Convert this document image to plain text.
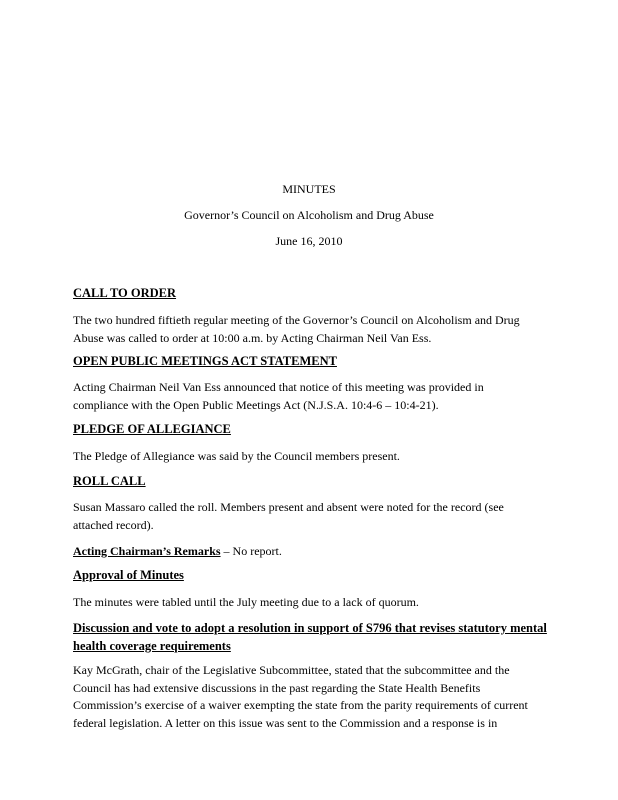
MINUTES
Governor’s Council on Alcoholism and Drug Abuse
June 16, 2010
CALL TO ORDER
The two hundred fiftieth regular meeting of the Governor’s Council on Alcoholism and Drug
Abuse was called to order at 10:00 a.m. by Acting Chairman Neil Van Ess.
OPEN PUBLIC MEETINGS ACT STATEMENT
Acting Chairman Neil Van Ess announced that notice of this meeting was provided in
compliance with the Open Public Meetings Act (N.J.S.A. 10:4-6 – 10:4-21).
PLEDGE OF ALLEGIANCE
The Pledge of Allegiance was said by the Council members present.
ROLL CALL
Susan Massaro called the roll. Members present and absent were noted for the record (see
attached record).
Acting Chairman’s Remarks – No report.
Approval of Minutes
The minutes were tabled until the July meeting due to a lack of quorum.
Discussion and vote to adopt a resolution in support of S796 that revises statutory mental
health coverage requirements
Kay McGrath, chair of the Legislative Subcommittee, stated that the subcommittee and the
Council has had extensive discussions in the past regarding the State Health Benefits
Commission’s exercise of a waiver exempting the state from the parity requirements of current
federal legislation. A letter on this issue was sent to the Commission and a response is in
